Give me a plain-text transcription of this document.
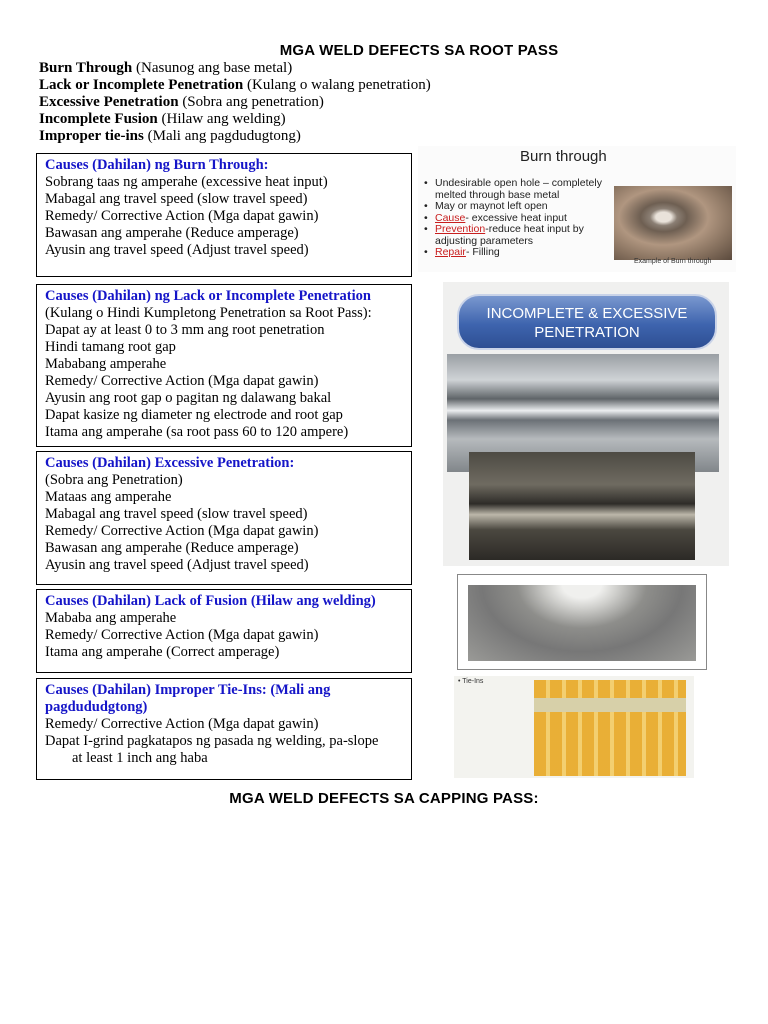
MGA WELD DEFECTS SA ROOT PASS
Burn Through (Nasunog ang base metal)
Lack or Incomplete Penetration (Kulang o walang penetration)
Excessive Penetration (Sobra ang penetration)
Incomplete Fusion (Hilaw ang welding)
Improper tie-ins (Mali ang pagdudugtong)
Causes (Dahilan) ng Burn Through:
Sobrang taas ng amperahe (excessive heat input)
Mabagal ang travel speed (slow travel speed)
Remedy/ Corrective Action (Mga dapat gawin)
Bawasan ang amperahe (Reduce amperage)
Ayusin ang travel speed (Adjust travel speed)
Causes (Dahilan) ng Lack or Incomplete Penetration
(Kulang o Hindi Kumpletong Penetration sa Root Pass):
Dapat ay at least 0 to 3 mm ang root penetration
Hindi tamang root gap
Mababang amperahe
Remedy/ Corrective Action (Mga dapat gawin)
Ayusin ang root gap o pagitan ng dalawang bakal
Dapat kasize ng diameter ng electrode and root gap
Itama ang amperahe (sa root pass 60 to 120 ampere)
Causes (Dahilan) Excessive Penetration:
(Sobra ang Penetration)
Mataas ang amperahe
Mabagal ang travel speed (slow travel speed)
Remedy/ Corrective Action (Mga dapat gawin)
Bawasan ang amperahe (Reduce amperage)
Ayusin ang travel speed (Adjust travel speed)
Causes (Dahilan) Lack of Fusion (Hilaw ang welding)
Mababa ang amperahe
Remedy/ Corrective Action (Mga dapat gawin)
Itama ang amperahe (Correct amperage)
Causes (Dahilan) Improper Tie-Ins: (Mali ang pagdududgtong)
Remedy/ Corrective Action (Mga dapat gawin)
Dapat I-grind pagkatapos ng pasada ng welding, pa-slope
at least 1 inch ang haba
MGA WELD DEFECTS SA CAPPING PASS:
Burn through
• Undesirable open hole – completely melted through base metal
• May or maynot left open
• Cause- excessive heat input
• Prevention-reduce heat input by adjusting parameters
• Repair- Filling
Example of Burn through
INCOMPLETE & EXCESSIVE
PENETRATION
• Tie-Ins
